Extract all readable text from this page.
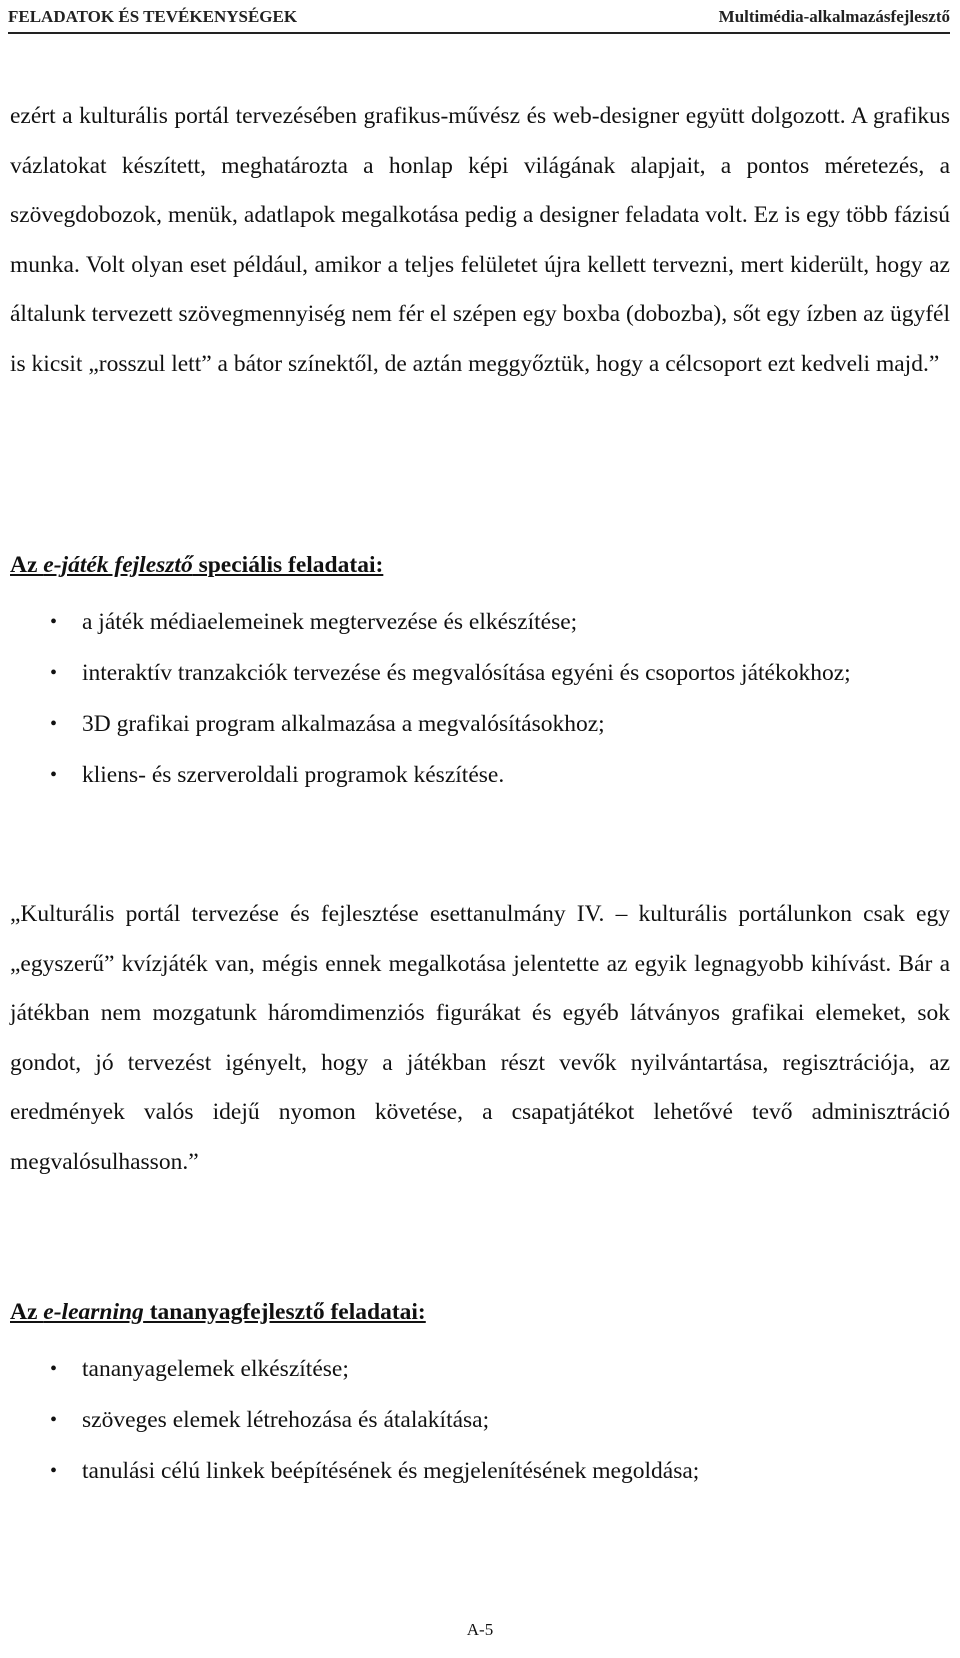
FELADATOK ÉS TEVÉKENYSÉGEK	Multimédia-alkalmazásfejlesztő

ezért a kulturális portál tervezésében grafikus-művész és web-designer együtt dolgozott. A grafikus vázlatokat készített, meghatározta a honlap képi világának alapjait, a pontos méretezés, a szövegdobozok, menük, adatlapok megalkotása pedig a designer feladata volt. Ez is egy több fázisú munka. Volt olyan eset például, amikor a teljes felületet újra kellett tervezni, mert kiderült, hogy az általunk tervezett szövegmennyiség nem fér el szépen egy boxba (dobozba), sőt egy ízben az ügyfél is kicsit „rosszul lett” a bátor színektől, de aztán meggyőztük, hogy a célcsoport ezt kedveli majd.”

Az e-játék fejlesztő speciális feladatai:

• a játék médiaelemeinek megtervezése és elkészítése;
• interaktív tranzakciók tervezése és megvalósítása egyéni és csoportos játékokhoz;
• 3D grafikai program alkalmazása a megvalósításokhoz;
• kliens- és szerveroldali programok készítése.

„Kulturális portál tervezése és fejlesztése esettanulmány IV. – kulturális portálunkon csak egy „egyszerű” kvízjáték van, mégis ennek megalkotása jelentette az egyik legnagyobb kihívást. Bár a játékban nem mozgatunk háromdimenziós figurákat és egyéb látványos grafikai elemeket, sok gondot, jó tervezést igényelt, hogy a játékban részt vevők nyilvántartása, regisztrációja, az eredmények valós idejű nyomon követése, a csapatjátékot lehetővé tevő adminisztráció megvalósulhasson.”

Az e-learning tananyagfejlesztő feladatai:

• tananyagelemek elkészítése;
• szöveges elemek létrehozása és átalakítása;
• tanulási célú linkek beépítésének és megjelenítésének megoldása;
A-5
